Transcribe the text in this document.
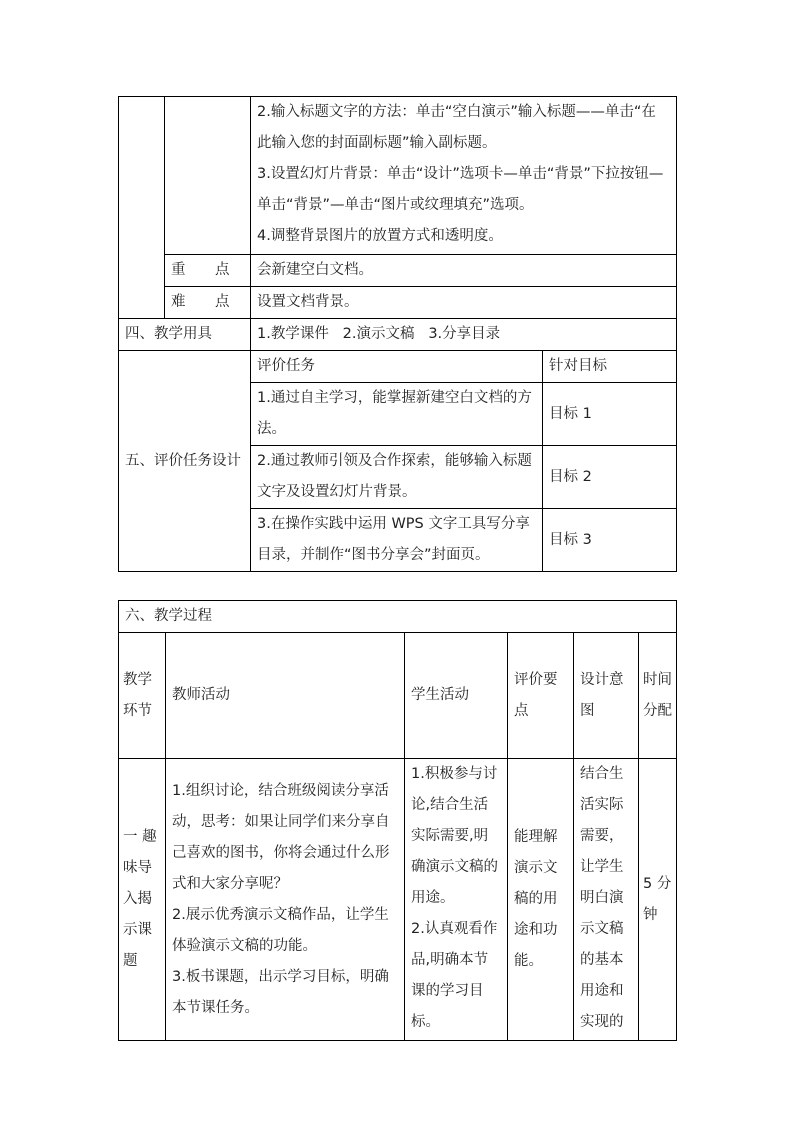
		2.输入标题文字的方法：单击“空白演示”输入标题——单击“在此输入您的封面副标题”输入副标题。
3.设置幻灯片背景：单击“设计”选项卡—单击“背景”下拉按钮—单击“背景”—单击“图片或纹理填充”选项。
4.调整背景图片的放置方式和透明度。	

	重 点	会新建空白文档。	
	难 点	设置文档背景。	
四、教学用具		1.教学课件   2.演示文稿   3.分享目录	
五、评价任务设计		评价任务	针对目标
		1.通过自主学习，能掌握新建空白文档的方法。	目标 1
		2.通过教师引领及合作探索，能够输入标题文字及设置幻灯片背景。	目标 2
		3.在操作实践中运用 WPS 文字工具写分享目录，并制作“图书分享会”封面页。	目标 3
六、教学过程					
教学环节	教师活动	学生活动	评价要点	设计意图	时间分配
一 趣味导入揭示课题	1.组织讨论，结合班级阅读分享活动，思考：如果让同学们来分享自己喜欢的图书，你将会通过什么形式和大家分享呢？
2.展示优秀演示文稿作品，让学生体验演示文稿的功能。
3.板书课题，出示学习目标，明确本节课任务。	1.积极参与讨论,结合生活实际需要,明确演示文稿的用途。
2.认真观看作品,明确本节课的学习目标。	能理解演示文稿的用途和功能。	结合生活实际需要，让学生明白演示文稿的基本用途和实现的	5 分钟
